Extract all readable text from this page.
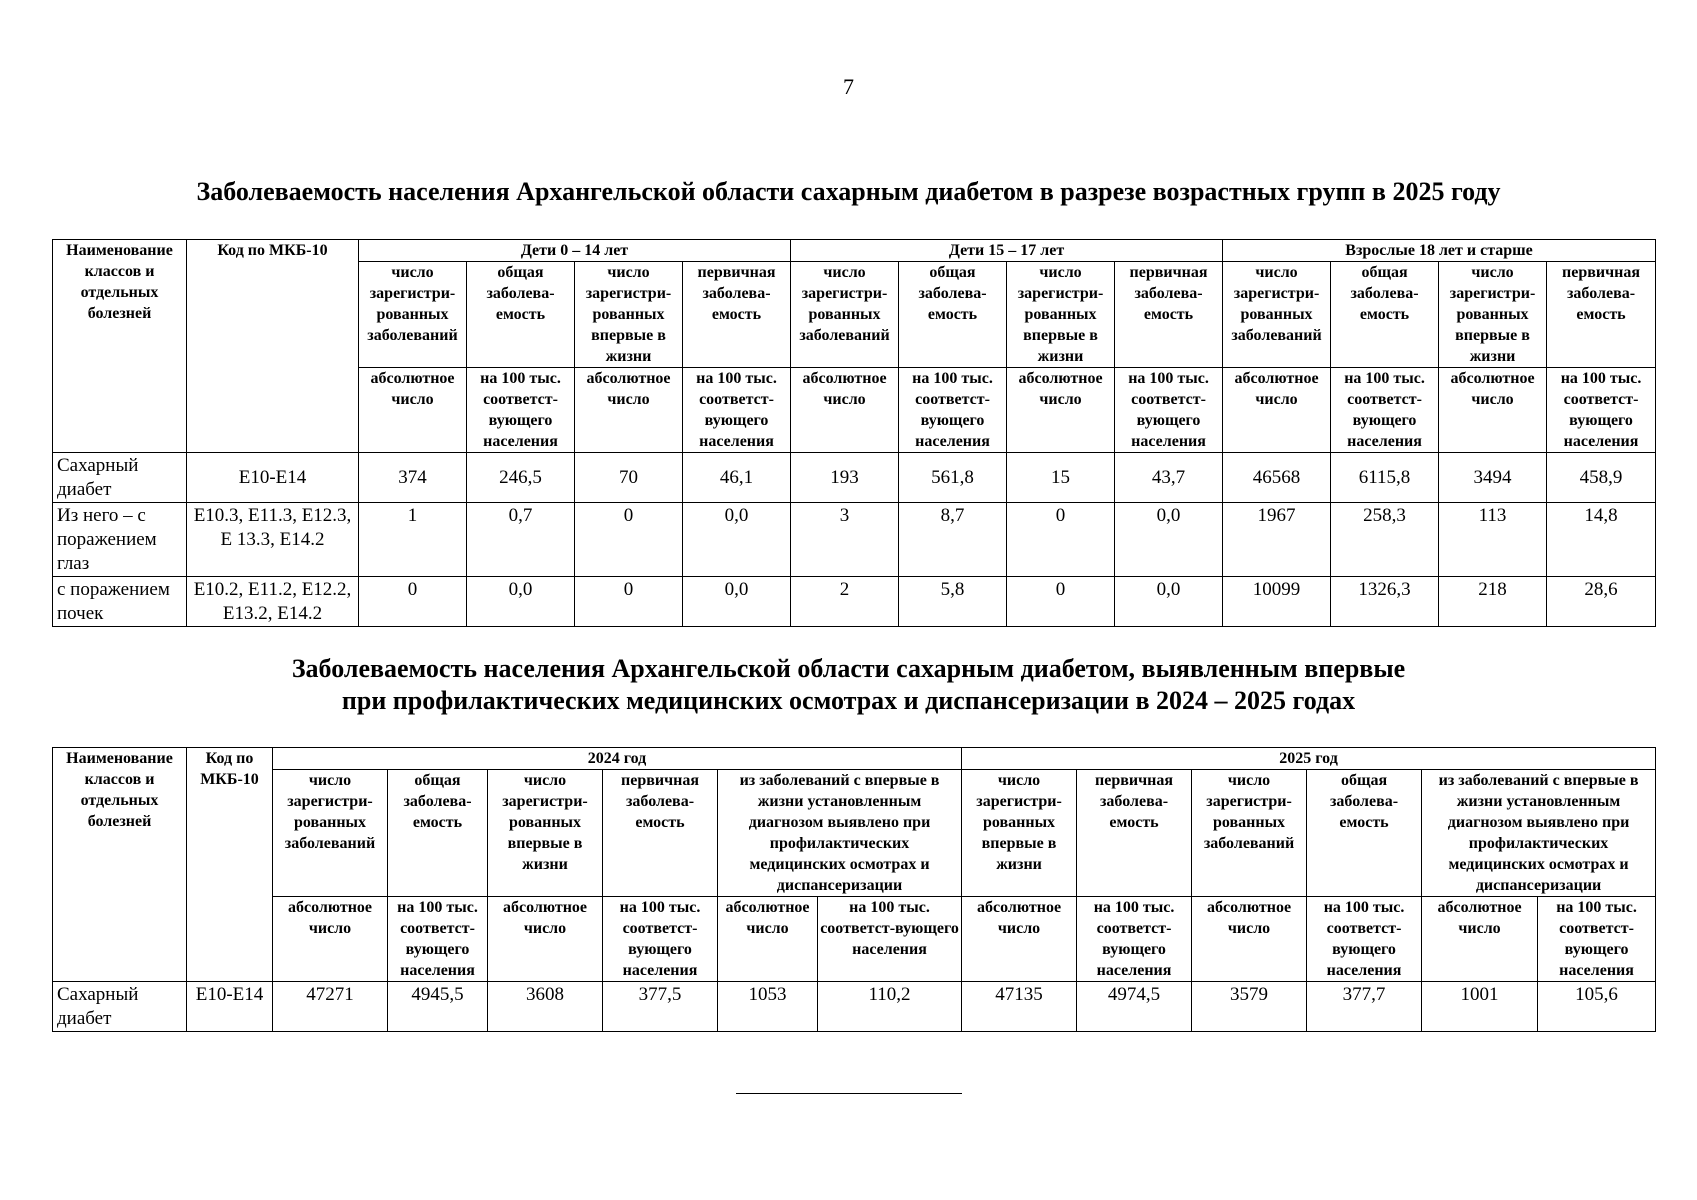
7
Заболеваемость населения Архангельской области сахарным диабетом в разрезе возрастных групп в 2025 году
Наименование классов и отдельных болезней	Код по МКБ-10	Дети 0 – 14 лет				Дети 15 – 17 лет				Взрослые 18 лет и старше			
		число зарегистри-рованных заболеваний	общая заболева-емость	число зарегистри-рованных впервые в жизни	первичная заболева-емость	число зарегистри-рованных заболеваний	общая заболева-емость	число зарегистри-рованных впервые в жизни	первичная заболева-емость	число зарегистри-рованных заболеваний	общая заболева-емость	число зарегистри-рованных впервые в жизни	первичная заболева-емость
		абсолютное число	на 100 тыс. соответст-вующего населения	абсолютное число	на 100 тыс. соответст-вующего населения	абсолютное число	на 100 тыс. соответст-вующего населения	абсолютное число	на 100 тыс. соответст-вующего населения	абсолютное число	на 100 тыс. соответст-вующего населения	абсолютное число	на 100 тыс. соответст-вующего населения
Сахарный диабет	E10-E14	374	246,5	70	46,1	193	561,8	15	43,7	46568	6115,8	3494	458,9
Из него – с поражением глаз	E10.3, E11.3, E12.3, E 13.3, E14.2	1	0,7	0	0,0	3	8,7	0	0,0	1967	258,3	113	14,8
с поражением почек	E10.2, E11.2, E12.2, E13.2, E14.2	0	0,0	0	0,0	2	5,8	0	0,0	10099	1326,3	218	28,6
Заболеваемость населения Архангельской области сахарным диабетом, выявленным впервые
при профилактических медицинских осмотрах и диспансеризации в 2024 – 2025 годах
Наименование классов и отдельных болезней	Код по МКБ-10	2024 год						2025 год					
		число зарегистри-рованных заболеваний	общая заболева-емость	число зарегистри-рованных впервые в жизни	первичная заболева-емость	из заболеваний с впервые в жизни установленным диагнозом выявлено при профилактических медицинских осмотрах и диспансеризации		число зарегистри-рованных впервые в жизни	первичная заболева-емость	число зарегистри-рованных заболеваний	общая заболева-емость	из заболеваний с впервые в жизни установленным диагнозом выявлено при профилактических медицинских осмотрах и диспансеризации	
		абсолютное число	на 100 тыс. соответст-вующего населения	абсолютное число	на 100 тыс. соответст-вующего населения	абсолютное число	на 100 тыс. соответст-вующего населения	абсолютное число	на 100 тыс. соответст-вующего населения	абсолютное число	на 100 тыс. соответст-вующего населения	абсолютное число	на 100 тыс. соответст-вующего населения
Сахарный диабет	E10-E14	47271	4945,5	3608	377,5	1053	110,2	47135	4974,5	3579	377,7	1001	105,6
